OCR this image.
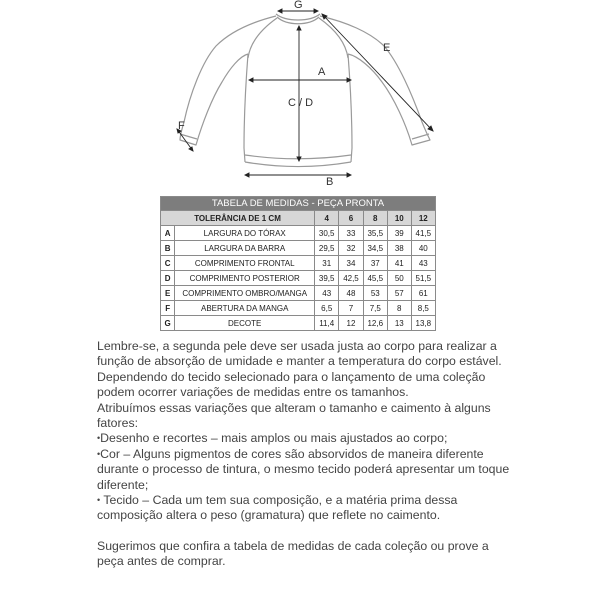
G
A
C / D
B
E
F
TABELA DE MEDIDAS - PEÇA PRONTA						
TOLERÂNCIA DE 1 CM		4	6	8	10	12
A	LARGURA DO TÓRAX	30,5	33	35,5	39	41,5
B	LARGURA DA BARRA	29,5	32	34,5	38	40
C	COMPRIMENTO FRONTAL	31	34	37	41	43
D	COMPRIMENTO POSTERIOR	39,5	42,5	45,5	50	51,5
E	COMPRIMENTO OMBRO/MANGA	43	48	53	57	61
F	ABERTURA DA MANGA	6,5	7	7,5	8	8,5
G	DECOTE	11,4	12	12,6	13	13,8

Lembre-se, a segunda pele deve ser usada justa ao corpo para realizar a função de absorção de umidade e manter a temperatura do corpo estável.

Dependendo do tecido selecionado para o lançamento de uma coleção podem ocorrer variações de medidas entre os tamanhos.

Atribuímos essas variações que alteram o tamanho e caimento à alguns fatores:

•Desenho e recortes – mais amplos ou mais ajustados ao corpo;

•Cor – Alguns pigmentos de cores são absorvidos de maneira diferente durante o processo de tintura, o mesmo tecido poderá apresentar um toque diferente;

• Tecido – Cada um tem sua composição, e a matéria prima dessa composição altera o peso (gramatura) que reflete no caimento.

Sugerimos que confira a tabela de medidas de cada coleção ou prove a peça antes de comprar.
